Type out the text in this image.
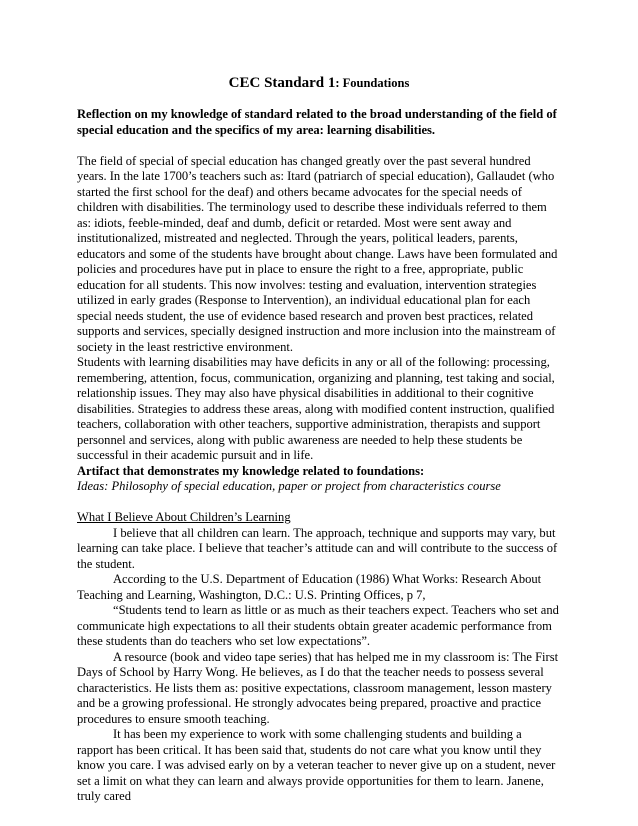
CEC Standard 1: Foundations

Reflection on my knowledge of standard related to the broad understanding of the field of special education and the specifics of my area: learning disabilities.

The field of special of special education has changed greatly over the past several hundred years. In the late 1700’s teachers such as: Itard (patriarch of special education), Gallaudet (who started the first school for the deaf) and others became advocates for the special needs of children with disabilities. The terminology used to describe these individuals referred to them as: idiots, feeble-minded, deaf and dumb, deficit or retarded. Most were sent away and institutionalized, mistreated and neglected. Through the years, political leaders, parents, educators and some of the students have brought about change. Laws have been formulated and policies and procedures have put in place to ensure the right to a free, appropriate, public education for all students. This now involves: testing and evaluation, intervention strategies utilized in early grades (Response to Intervention), an individual educational plan for each special needs student, the use of evidence based research and proven best practices, related supports and services, specially designed instruction and more inclusion into the mainstream of society in the least restrictive environment.

Students with learning disabilities may have deficits in any or all of the following: processing, remembering, attention, focus, communication, organizing and planning, test taking and social, relationship issues. They may also have physical disabilities in additional to their cognitive disabilities. Strategies to address these areas, along with modified content instruction, qualified teachers, collaboration with other teachers, supportive administration, therapists and support personnel and services, along with public awareness are needed to help these students be successful in their academic pursuit and in life.

Artifact that demonstrates my knowledge related to foundations:

Ideas: Philosophy of special education, paper or project from characteristics course

What I Believe About Children’s Learning

I believe that all children can learn. The approach, technique and supports may vary, but learning can take place. I believe that teacher’s attitude can and will contribute to the success of the student.

According to the U.S. Department of Education (1986) What Works: Research About Teaching and Learning, Washington, D.C.: U.S. Printing Offices, p 7,

“Students tend to learn as little or as much as their teachers expect. Teachers who set and communicate high expectations to all their students obtain greater academic performance from these students than do teachers who set low expectations”.

A resource (book and video tape series) that has helped me in my classroom is: The First Days of School by Harry Wong. He believes, as I do that the teacher needs to possess several characteristics. He lists them as: positive expectations, classroom management, lesson mastery and be a growing professional. He strongly advocates being prepared, proactive and practice procedures to ensure smooth teaching.

It has been my experience to work with some challenging students and building a rapport has been critical. It has been said that, students do not care what you know until they know you care. I was advised early on by a veteran teacher to never give up on a student, never set a limit on what they can learn and always provide opportunities for them to learn. Janene, truly cared
